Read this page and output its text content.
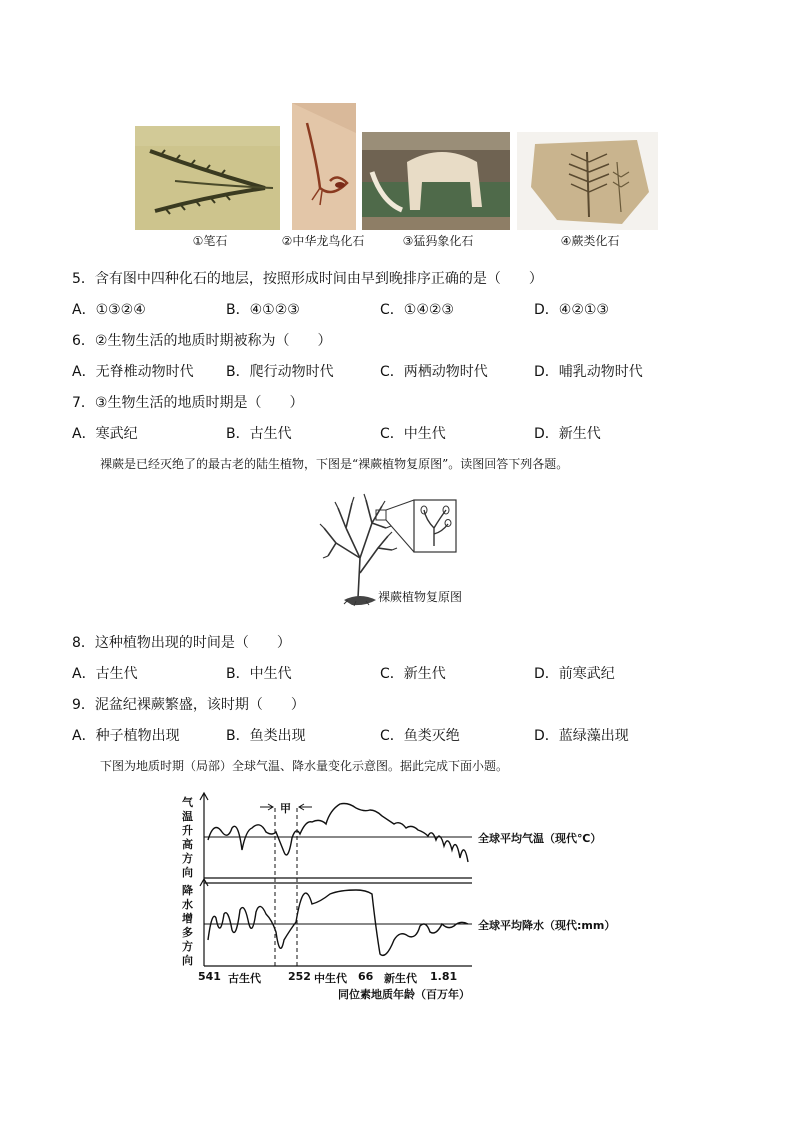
①笔石	②中华龙鸟化石	③猛犸象化石	④蕨类化石
5．含有图中四种化石的地层，按照形成时间由早到晚排序正确的是（　　）
A．①③②④	B．④①②③	C．①④②③	D．④②①③
6．②生物生活的地质时期被称为（　　）
A．无脊椎动物时代 B．爬行动物时代	C．两栖动物时代	D．哺乳动物时代
7．③生物生活的地质时期是（　　）
A．寒武纪	B．古生代	C．中生代	D．新生代
裸蕨是已经灭绝了的最古老的陆生植物，下图是“裸蕨植物复原图”。读图回答下列各题。
裸蕨植物复原图
8．这种植物出现的时间是（　　）
A．古生代	B．中生代	C．新生代	D．前寒武纪
9．泥盆纪裸蕨繁盛，该时期（　　）
A．种子植物出现	B．鱼类出现	C．鱼类灭绝	D．蓝绿藻出现
下图为地质时期（局部）全球气温、降水量变化示意图。据此完成下面小题。
气温升高方向
降水增多方向
甲
全球平均气温（现代℃）
全球平均降水（现代:mm）
541 古生代 252 中生代 66 新生代 1.81
同位素地质年龄（百万年）
